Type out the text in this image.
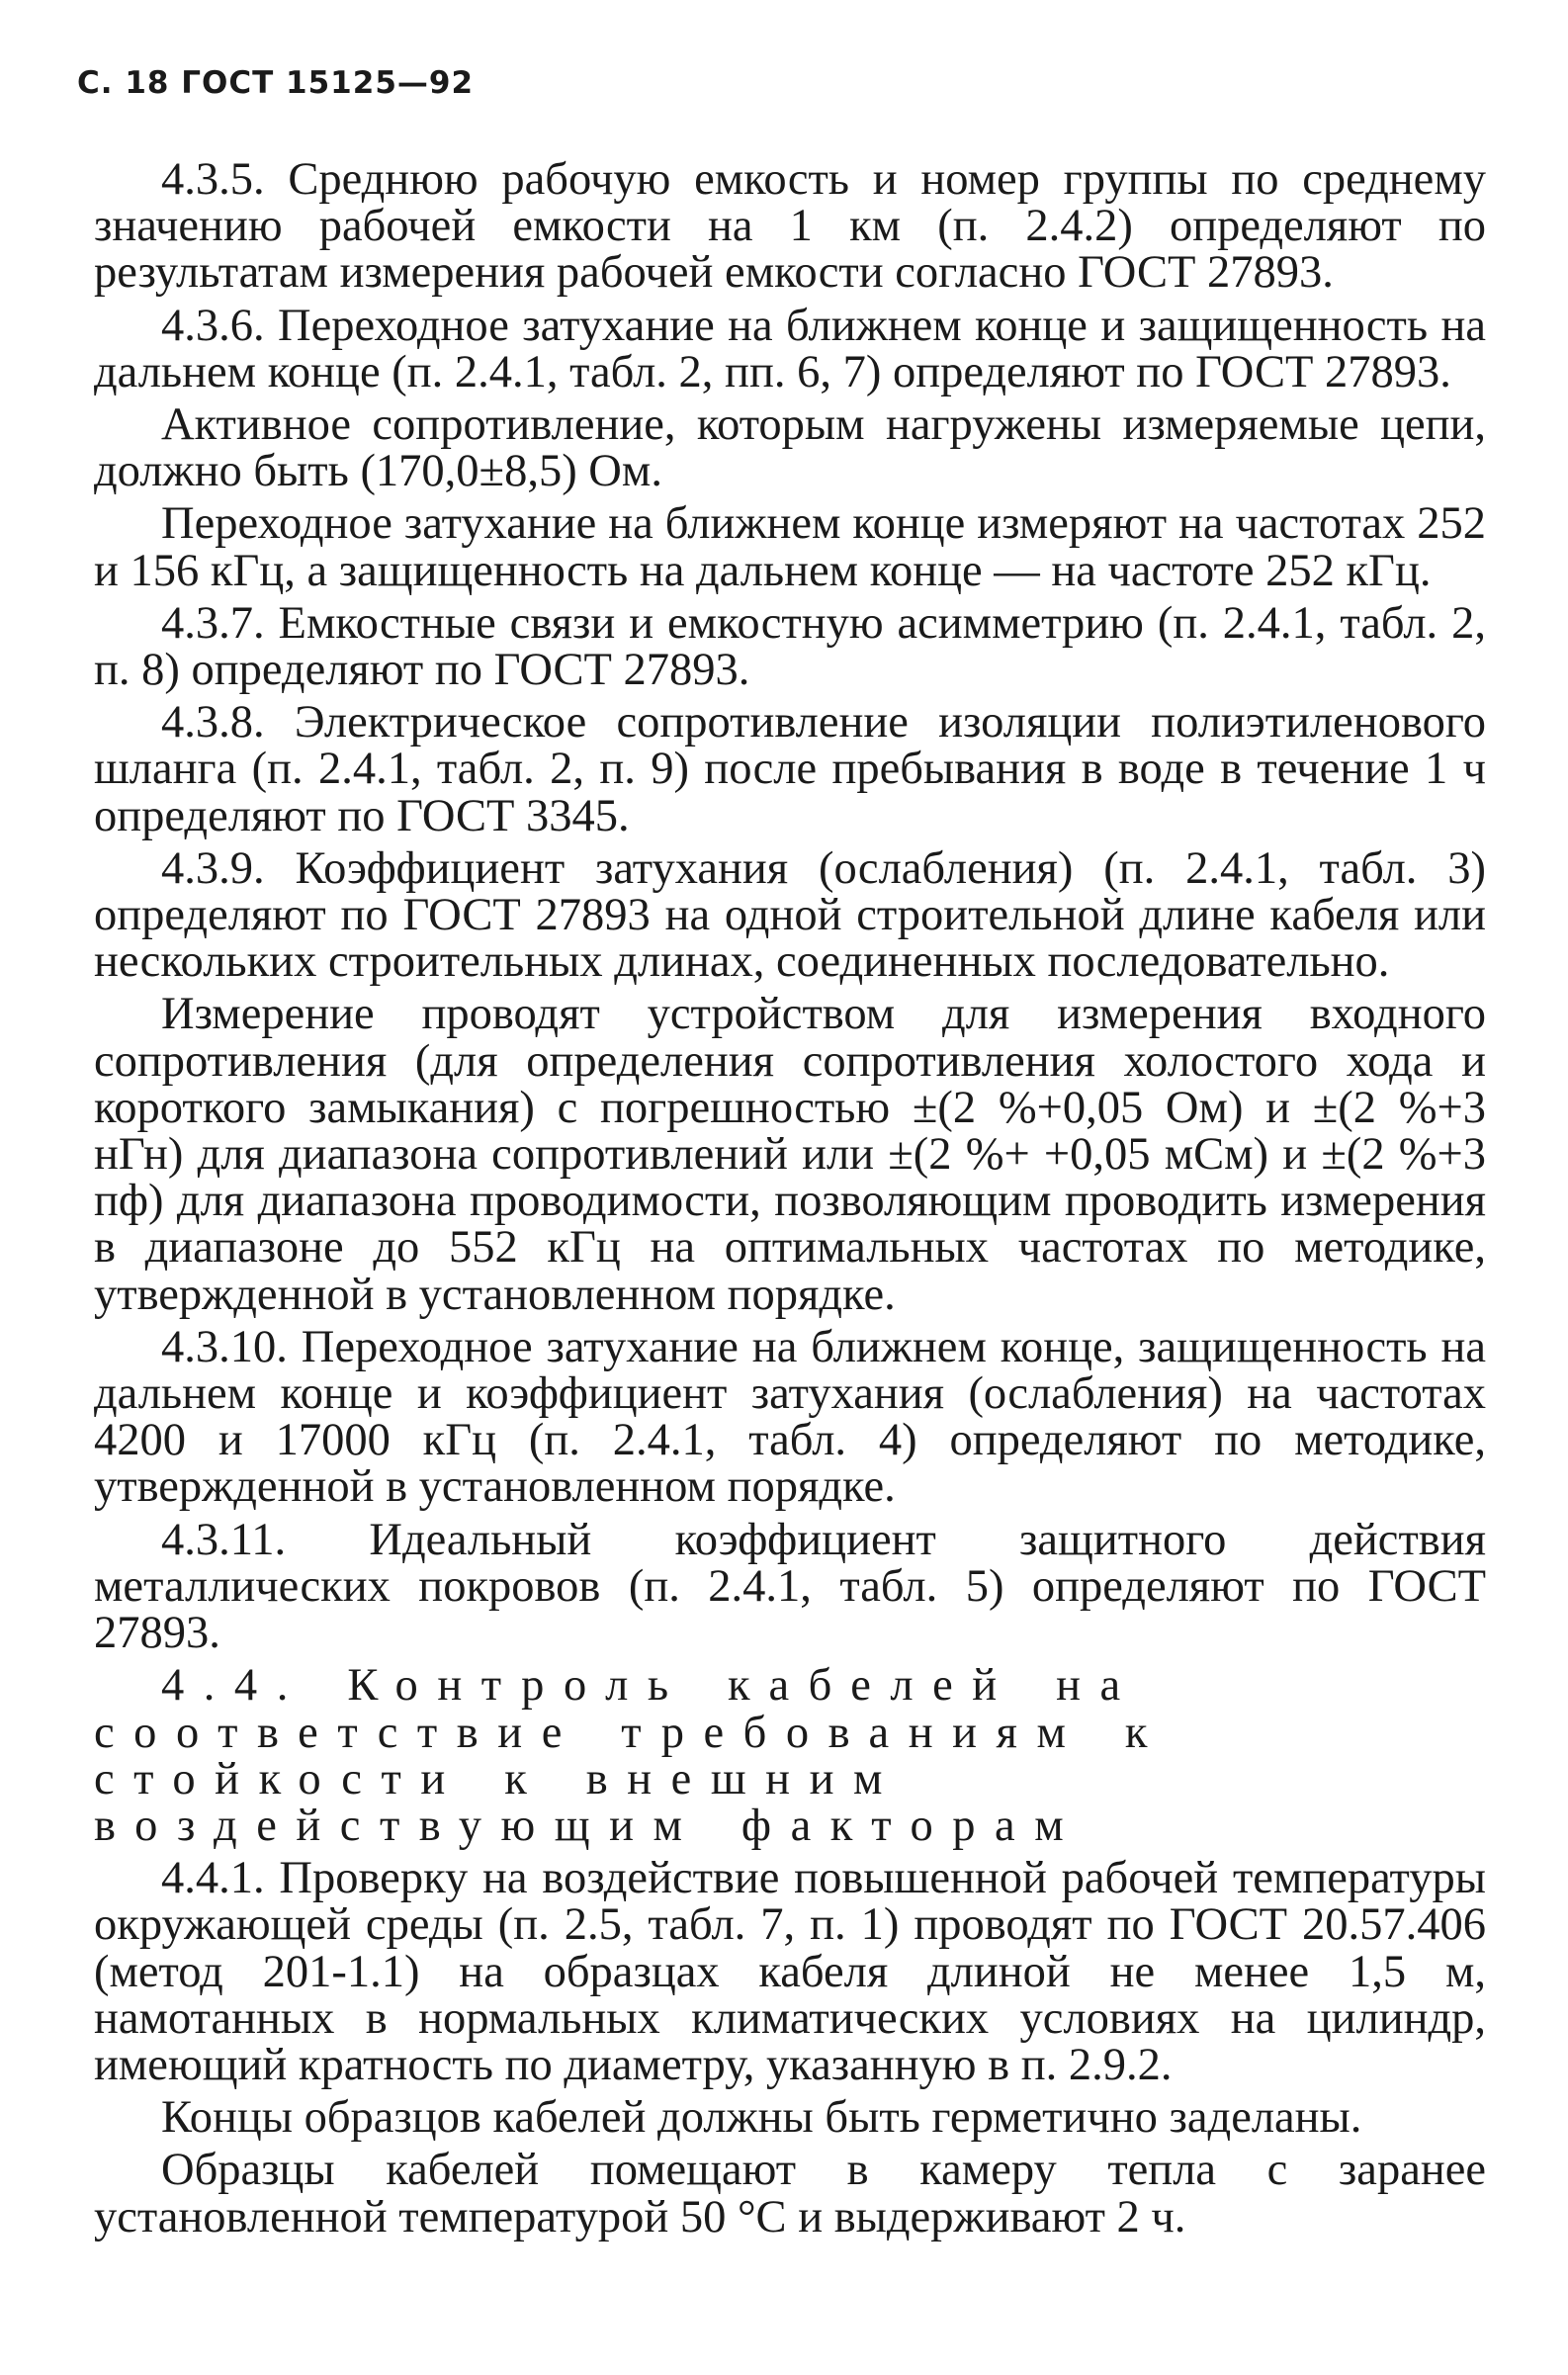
С. 18 ГОСТ 15125—92

4.3.5. Среднюю рабочую емкость и номер группы по среднему значению рабочей емкости на 1 км (п. 2.4.2) определяют по результатам измерения рабочей емкости согласно ГОСТ 27893.

4.3.6. Переходное затухание на ближнем конце и защищенность на дальнем конце (п. 2.4.1, табл. 2, пп. 6, 7) определяют по ГОСТ 27893.

Активное сопротивление, которым нагружены измеряемые цепи, должно быть (170,0±8,5) Ом.

Переходное затухание на ближнем конце измеряют на частотах 252 и 156 кГц, а защищенность на дальнем конце — на частоте 252 кГц.

4.3.7. Емкостные связи и емкостную асимметрию (п. 2.4.1, табл. 2, п. 8) определяют по ГОСТ 27893.

4.3.8. Электрическое сопротивление изоляции полиэтиленового шланга (п. 2.4.1, табл. 2, п. 9) после пребывания в воде в течение 1 ч определяют по ГОСТ 3345.

4.3.9. Коэффициент затухания (ослабления) (п. 2.4.1, табл. 3) определяют по ГОСТ 27893 на одной строительной длине кабеля или нескольких строительных длинах, соединенных последовательно.

Измерение проводят устройством для измерения входного сопротивления (для определения сопротивления холостого хода и короткого замыкания) с погрешностью ±(2 %+0,05 Ом) и ±(2 %+3 нГн) для диапазона сопротивлений или ±(2 %+ +0,05 мСм) и ±(2 %+3 пф) для диапазона проводимости, позволяющим проводить измерения в диапазоне до 552 кГц на оптимальных частотах по методике, утвержденной в установленном порядке.

4.3.10. Переходное затухание на ближнем конце, защищенность на дальнем конце и коэффициент затухания (ослабления) на частотах 4200 и 17000 кГц (п. 2.4.1, табл. 4) определяют по методике, утвержденной в установленном порядке.

4.3.11. Идеальный коэффициент защитного действия металлических покровов (п. 2.4.1, табл. 5) определяют по ГОСТ 27893.

4.4. Контроль кабелей на соответствие требованиям к стойкости к внешним воздействующим факторам

4.4.1. Проверку на воздействие повышенной рабочей температуры окружающей среды (п. 2.5, табл. 7, п. 1) проводят по ГОСТ 20.57.406 (метод 201-1.1) на образцах кабеля длиной не менее 1,5 м, намотанных в нормальных климатических условиях на цилиндр, имеющий кратность по диаметру, указанную в п. 2.9.2.

Концы образцов кабелей должны быть герметично заделаны.

Образцы кабелей помещают в камеру тепла с заранее установленной температурой 50 °С и выдерживают 2 ч.
